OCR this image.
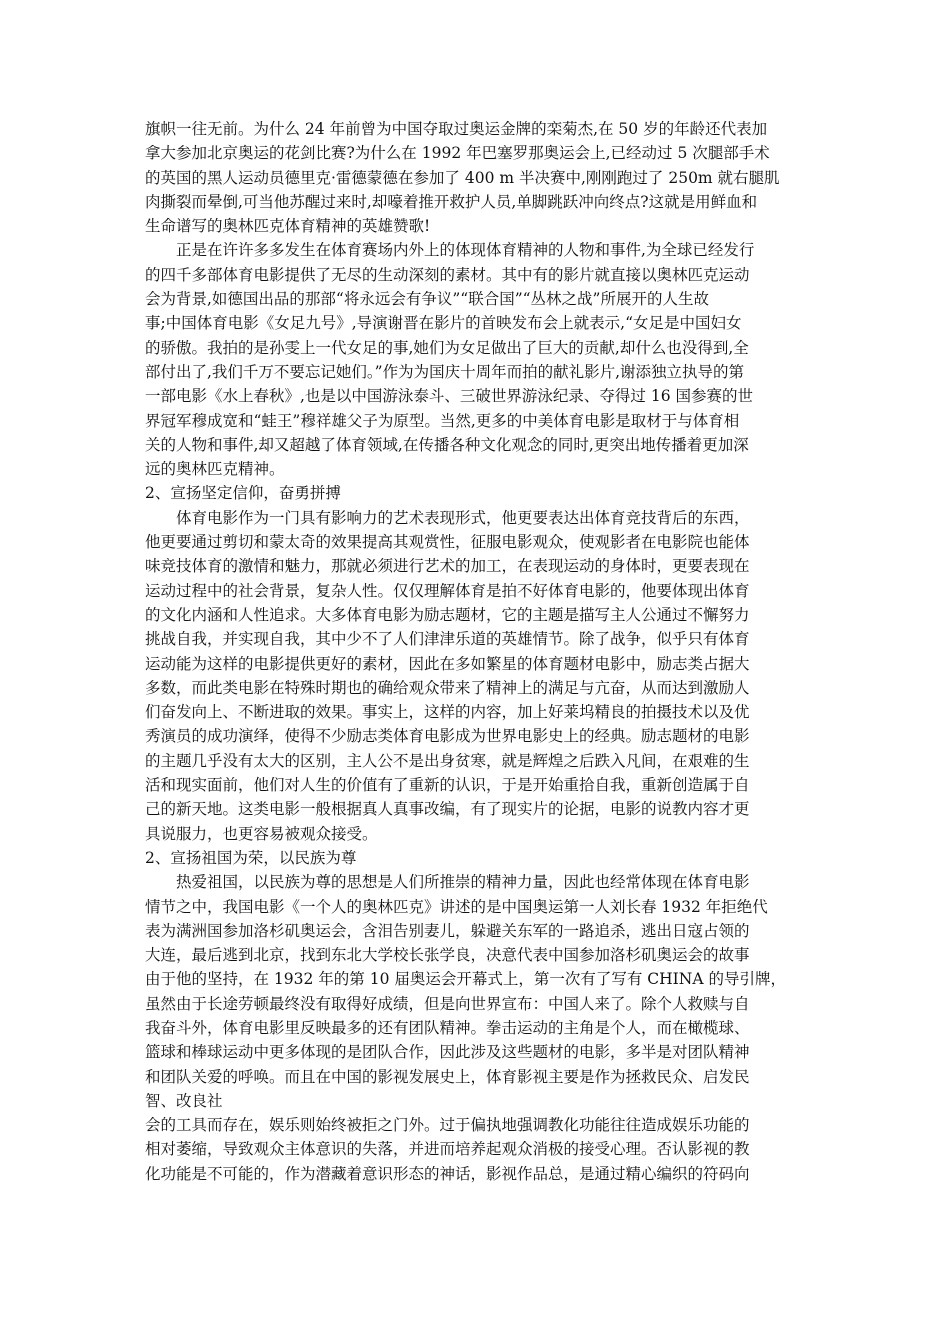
旗帜一往无前。为什么 24 年前曾为中国夺取过奥运金牌的栾菊杰,在 50 岁的年龄还代表加
拿大参加北京奥运的花剑比赛?为什么在 1992 年巴塞罗那奥运会上,已经动过 5 次腿部手术
的英国的黑人运动员德里克·雷德蒙德在参加了 400 m 半决赛中,刚刚跑过了 250m 就右腿肌
肉撕裂而晕倒,可当他苏醒过来时,却嚎着推开救护人员,单脚跳跃冲向终点?这就是用鲜血和
生命谱写的奥林匹克体育精神的英雄赞歌!
正是在许许多多发生在体育赛场内外上的体现体育精神的人物和事件,为全球已经发行
的四千多部体育电影提供了无尽的生动深刻的素材。其中有的影片就直接以奥林匹克运动
会为背景,如德国出品的那部“将永远会有争议”“联合国”“丛林之战”所展开的人生故
事;中国体育电影《女足九号》,导演谢晋在影片的首映发布会上就表示,“女足是中国妇女
的骄傲。我拍的是孙雯上一代女足的事,她们为女足做出了巨大的贡献,却什么也没得到,全
部付出了,我们千万不要忘记她们。”作为为国庆十周年而拍的献礼影片,谢添独立执导的第
一部电影《水上春秋》,也是以中国游泳泰斗、三破世界游泳纪录、夺得过 16 国参赛的世
界冠军穆成宽和“蛙王”穆祥雄父子为原型。当然,更多的中美体育电影是取材于与体育相
关的人物和事件,却又超越了体育领域,在传播各种文化观念的同时,更突出地传播着更加深
远的奥林匹克精神。
2、宣扬坚定信仰，奋勇拼搏
体育电影作为一门具有影响力的艺术表现形式，他更要表达出体育竞技背后的东西，
他更要通过剪切和蒙太奇的效果提高其观赏性，征服电影观众，使观影者在电影院也能体
味竞技体育的激情和魅力，那就必须进行艺术的加工，在表现运动的身体时，更要表现在
运动过程中的社会背景，复杂人性。仅仅理解体育是拍不好体育电影的，他要体现出体育
的文化内涵和人性追求。大多体育电影为励志题材，它的主题是描写主人公通过不懈努力
挑战自我，并实现自我，其中少不了人们津津乐道的英雄情节。除了战争，似乎只有体育
运动能为这样的电影提供更好的素材，因此在多如繁星的体育题材电影中，励志类占据大
多数，而此类电影在特殊时期也的确给观众带来了精神上的满足与亢奋，从而达到激励人
们奋发向上、不断进取的效果。事实上，这样的内容，加上好莱坞精良的拍摄技术以及优
秀演员的成功演绎，使得不少励志类体育电影成为世界电影史上的经典。励志题材的电影
的主题几乎没有太大的区别，主人公不是出身贫寒，就是辉煌之后跌入凡间，在艰难的生
活和现实面前，他们对人生的价值有了重新的认识，于是开始重拾自我，重新创造属于自
己的新天地。这类电影一般根据真人真事改编，有了现实片的论据，电影的说教内容才更
具说服力，也更容易被观众接受。
2、宣扬祖国为荣，以民族为尊
热爱祖国，以民族为尊的思想是人们所推崇的精神力量，因此也经常体现在体育电影
情节之中，我国电影《一个人的奥林匹克》讲述的是中国奥运第一人刘长春 1932 年拒绝代
表为满洲国参加洛杉矶奥运会，含泪告别妻儿，躲避关东军的一路追杀，逃出日寇占领的
大连，最后逃到北京，找到东北大学校长张学良，决意代表中国参加洛杉矶奥运会的故事
由于他的坚持，在 1932 年的第 10 届奥运会开幕式上，第一次有了写有 CHINA 的导引牌，
虽然由于长途劳顿最终没有取得好成绩，但是向世界宣布：中国人来了。除个人救赎与自
我奋斗外，体育电影里反映最多的还有团队精神。拳击运动的主角是个人，而在橄榄球、
篮球和棒球运动中更多体现的是团队合作，因此涉及这些题材的电影，多半是对团队精神
和团队关爱的呼唤。而且在中国的影视发展史上，体育影视主要是作为拯救民众、启发民
智、改良社
会的工具而存在，娱乐则始终被拒之门外。过于偏执地强调教化功能往往造成娱乐功能的
相对萎缩，导致观众主体意识的失落，并进而培养起观众消极的接受心理。否认影视的教
化功能是不可能的，作为潜藏着意识形态的神话，影视作品总，是通过精心编织的符码向
